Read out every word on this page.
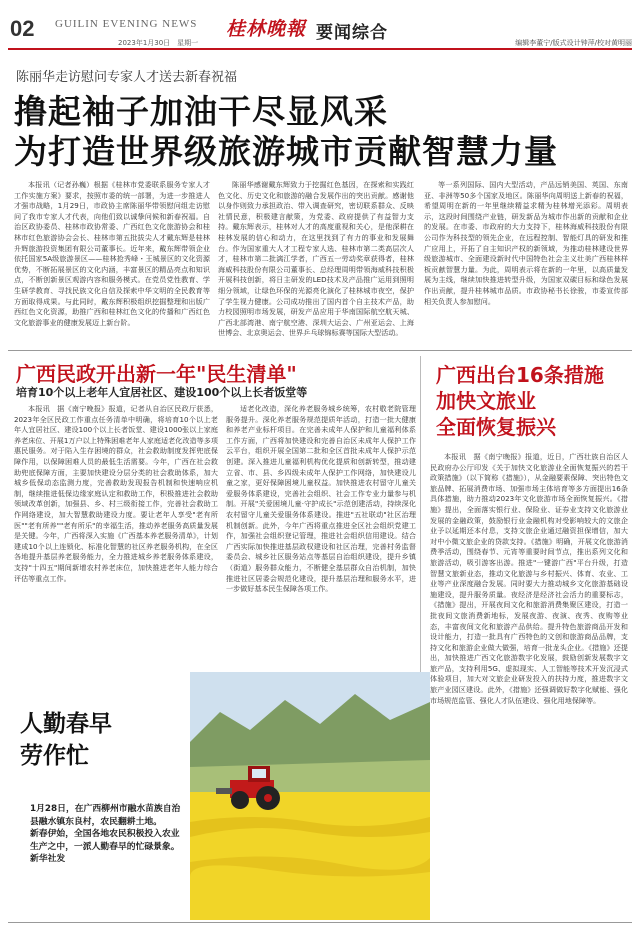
02 GUILIN EVENING NEWS
2023年1月30日　星期一
桂林晚報 要闻综合	编辑李董宁/版式设计钟萍/校对黄明丽
陈丽华走访慰问专家人才送去新春祝福
撸起袖子加油干尽显风采
为打造世界级旅游城市贡献智慧力量

本报讯（记者孙巍）根据《桂林市党委联系服务专家人才工作实施方案》要求，按照市委的统一部署，为进一步推进人才强市战略，1月29日，市政协主席陈丽华带领慰问组走访慰问了我市专家人才代表，向他们致以诚挚问候和新春祝福。自治区政协委员、桂林市政协常委、广西红色文化旅游协会和桂林市红色旅游协会会长、桂林市第五批拔尖人才戴东辉是桂林升辉旅游投资集团有限公司董事长。近年来，戴东辉带领企业依托国家5A级旅游景区——桂林抢秀峰・王城景区的文化资源优势，不断拓展景区的文化内涵，丰富景区的精品亮点和知识点，不断创新景区观游内容和服务模式。在党员党性教育、学生研学教育、寻找民族文化自信及探索中华文明的全民教育等方面取得成果。与此同时，戴东辉积极组织挖掘整理和出版广西红色文化资源，助推广西和桂林红色文化的传播和广西红色文化旅游事业的健康发展迈上新台阶。

陈丽华感谢戴东辉致力于挖掘红色基因，在探索和实践红色文化、历史文化和旅游的融合发展作出的突出贡献。感谢他以身作则致力承担政治、带入调查研究，密切联系群众、反映社情民意，积极建言献策，为党委、政府提供了有益智力支持。戴东辉表示，桂林对人才的高度重视和关心，是他深耕在桂林发展的信心和动力，在这里找到了有力的事业和发展舞台。作为国家重大人才工程专家人选、桂林市第二类高层次人才，桂林市第二批漓江学者，广西五一劳动奖章获得者，桂林海威科技股份有限公司董事长、总经理周明带领海威科技积极开展科技创新，将日主研发的LED技术及产品推广运用到照明细分领域，让绿色环保的光源亮化演化了桂林城市夜空，保护了学生视力健康。公司成功推出了国内首个自主技术产品，助力校园照明市场发展，研发产品应用于华南国际航空航天城、广西北部湾港、南宁航空港、深圳大运会、广州亚运会、上海世博会、北京奥运会、世界乒乓球锦标赛等国际大型活动。

等一系列国际、国内大型活动，产品远销美国、英国、东南亚、非洲等50多个国家及地区。陈丽华向周明送上新春的祝福，希望周明在新的一年里继续精益求精为桂林增光添彩。周明表示，这段时间围绕产业链，研发新品为城市作出新的贡献和企业的发展。在市委、市政府的大力支持下，桂林海威科技股份有限公司作为科技型的领先企业，在远程控制、智能灯具的研发和推广应用上，开拓了自主知识产权的新领域，为推动桂林建设世界级旅游城市、全面建设新时代中国特色社会主义壮美广西桂林样板贡献智慧力量。为此，周明表示将在新的一年里，以高质量发展为主线，继续加快推进转型升级，为国家双碳目标和绿色发展作出贡献，提升桂林城市品质。市政协秘书长徐骏，市委宣传部相关负责人参加慰问。

广西民政开出新一年"民生清单"
培育10个以上老年人宜居社区、建设100个以上长者饭堂等

本报讯　据《南宁晚报》报道，记者从自治区民政厅获悉，2023年全区民政工作重点任务清单中明确，将培育10个以上老年人宜居社区、建设100个以上长者饭堂、建设1000张以上家庭养老床位、开展1万户以上特殊困难老年人家庭适老化改造等多项惠民服务。对于陷入生存困境的群众，社会救助制度发挥兜底保障作用，以保障困难人员的最低生活需要。今年，广西在社会救助兜底保障方面，主要加快建设分层分类的社会救助体系，加大城乡低保动态监测力度，完善救助发现报告机制和快速响应机制，继续推进低保边缘家庭认定和救助工作，积极推进社会救助领域改革创新，加强县、乡、村三级衔接工作，完善社会救助工作网络建设，加大智慧救助建设力度。要让老年人享受"老有所医""老有所养""老有所乐"的幸福生活，推动养老服务高质量发展是关键。今年，广西将深入实施《广西基本养老服务清单》，计划建成10个以上连锁化、标准化智慧的社区养老服务机构，在全区各地提升基层养老服务能力，全力推进城乡养老服务体系建设，支持"十四五"期间新增农村养老床位，加快推进老年人能力综合评估等重点工作。

适老化改造，深化养老服务城乡统筹，农村敬老院管理服务提升。深化养老服务规范提质年活动，打造一批大健康和养老产业标杆项目。在完善未成年人保护和儿童福利体系工作方面，广西将加快建设和完善自治区未成年人保护工作云平台，组织开展全国第二批和全区首批未成年人保护示范创建。深入推进儿童福利机构优化提质和创新转型，推动建立省、市、县、乡四级未成年人保护工作网络，加快建设儿童之家，更好保障困境儿童权益。加快推进农村留守儿童关爱服务体系建设，完善社会组织、社会工作专业力量参与机制。开展"关爱困境儿童·守护成长"示范创建活动，持续深化农村留守儿童关爱服务体系建设。推进"五社联动"社区治理机制创新。此外，今年广西将重点推进全区社会组织党建工作，加强社会组织登记管理，推进社会组织信用建设。结合广西实际加快推进基层政权建设和社区治理，完善村务监督委员会、城乡社区服务站点等基层自治组织建设，提升乡镇（街道）服务群众能力，不断健全基层群众自治机制，加快推进社区居委会规范化建设，提升基层治理和服务水平，进一步做好基本民生保障各项工作。

广西出台16条措施
加快文旅业
全面恢复振兴

本报讯　据《南宁晚报》报道，近日，广西壮族自治区人民政府办公厅印发《关于加快文化旅游业全面恢复振兴的若干政策措施》（以下简称《措施》），从金融要素保障、突出特色文旅品牌、拓展消费市场、加强市场主体培育等多方面提出16条具体措施，助力推动2023年文化旅游市场全面恢复振兴。《措施》提出，全面落实银行业、保险业、证券业支持文化旅游业发展的金融政策，鼓励银行业金融机构对受影响较大的文旅企业予以延期还本付息，支持文旅企业通过融资担保增信，加大对中小微文旅企业的贷款支持。《措施》明确，开展文化旅游消费季活动，围绕春节、元宵等重要时间节点，推出系列文化和旅游活动，吸引游客出游。推进"一键游广西"平台升级，打造智慧文旅新业态，推动文化旅游与乡村振兴、体育、农业、工业等产业深度融合发展。同时要大力推动城乡文化旅游基础设施建设，提升服务质量。夜经济是经济社会活力的重要标志，《措施》提出，开展夜间文化和旅游消费集聚区建设，打造一批夜间文旅消费新地标，发展夜游、夜演、夜秀、夜购等业态，丰富夜间文化和旅游产品供给。提升特色旅游商品开发和设计能力，打造一批具有广西特色的文创和旅游商品品牌，支持文化和旅游企业做大做强，培育一批龙头企业。《措施》还提出，加快推进广西文化旅游数字化发展，鼓励创新发展数字文旅产品，支持利用5G、虚拟现实、人工智能等技术开发沉浸式体验项目，加大对文旅企业研发投入的扶持力度，推进数字文旅产业园区建设。此外，《措施》还强调做好数字化赋能、强化市场规范监管、强化人才队伍建设、强化用地保障等。

人勤春早
劳作忙
1月28日，在广西柳州市融水苗族自治县融水镇东良村，农民翻耕土地。
新春伊始，全国各地农民积极投入农业生产之中，一派人勤春早的忙碌景象。
新华社发
